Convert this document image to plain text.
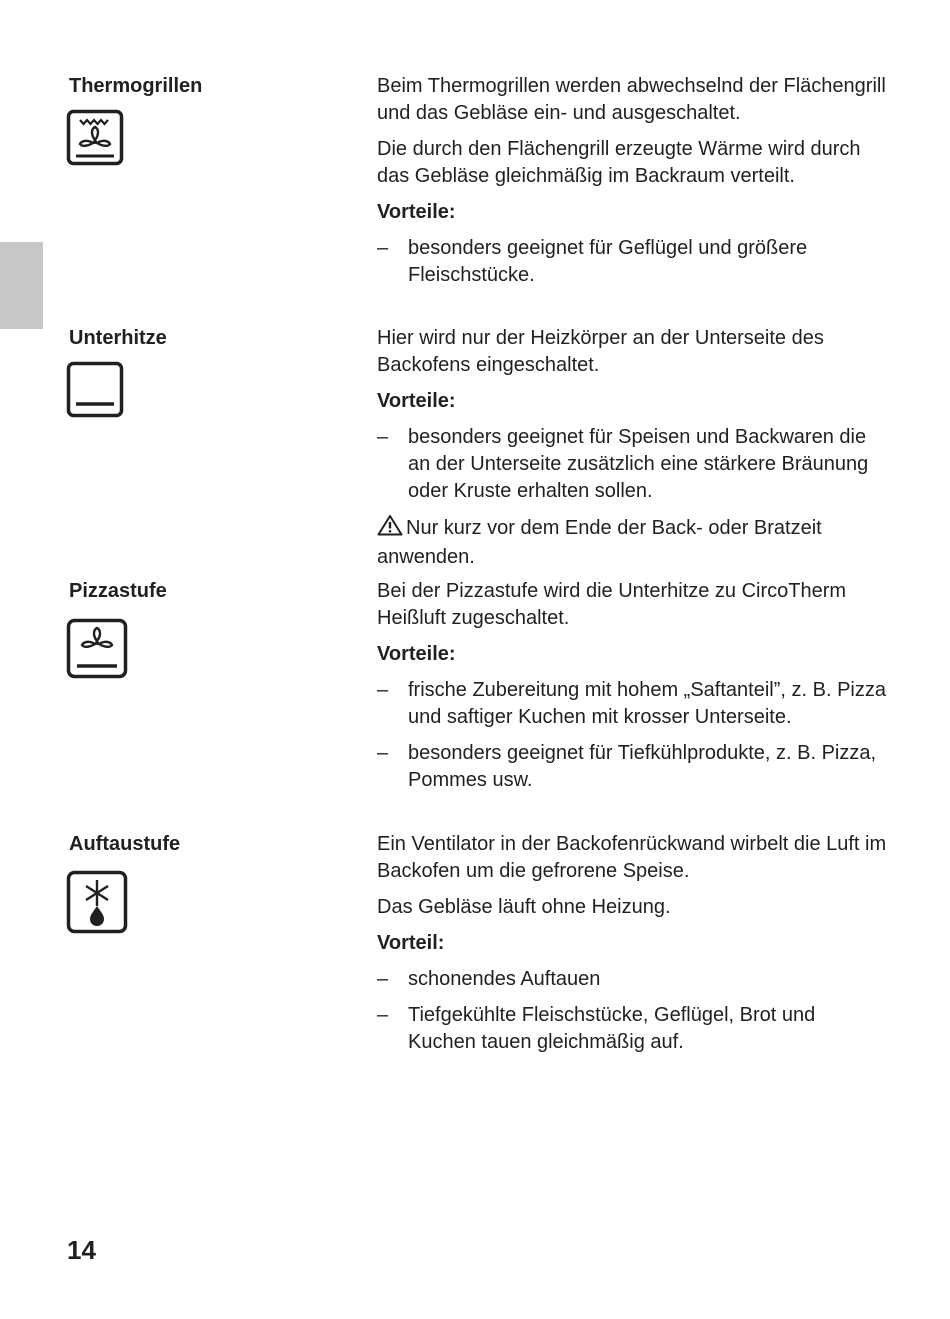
Thermogrillen	Beim Thermogrillen werden abwechselnd der Flächengrill und das Gebläse ein- und ausgeschaltet.

Die durch den Flächengrill erzeugte Wärme wird durch das Gebläse gleichmäßig im Backraum verteilt.

Vorteile:

– besonders geeignet für Geflügel und größere Fleischstücke.
Unterhitze	Hier wird nur der Heizkörper an der Unterseite des Backofens eingeschaltet.

Vorteile:

– besonders geeignet für Speisen und Backwaren die an der Unterseite zusätzlich eine stärkere Bräunung oder Kruste erhalten sollen.

Nur kurz vor dem Ende der Back- oder Bratzeit anwenden.

Pizzastufe	Bei der Pizzastufe wird die Unterhitze zu CircoTherm Heißluft zugeschaltet.

Vorteile:

– frische Zubereitung mit hohem „Saftanteil”, z. B. Pizza und saftiger Kuchen mit krosser Unterseite.
– besonders geeignet für Tiefkühlprodukte, z. B. Pizza, Pommes usw.
Auftaustufe	Ein Ventilator in der Backofenrückwand wirbelt die Luft im Backofen um die gefrorene Speise.

Das Gebläse läuft ohne Heizung.

Vorteil:

– schonendes Auftauen
– Tiefgekühlte Fleischstücke, Geflügel, Brot und Kuchen tauen gleichmäßig auf.
14
